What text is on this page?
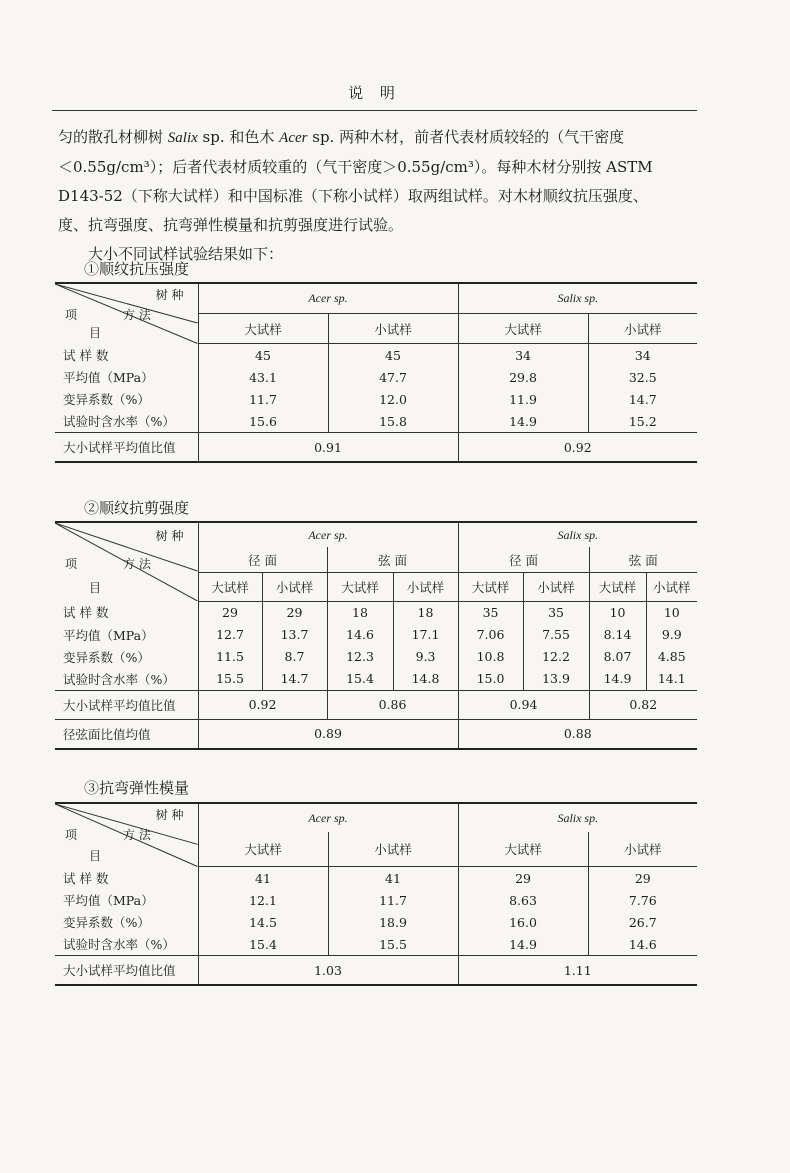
说 明
匀的散孔材柳树 Salix sp. 和色木 Acer sp. 两种木材，前者代表材质较轻的（气干密度
＜0.55g/cm³）；后者代表材质较重的（气干密度＞0.55g/cm³）。每种木材分别按 ASTM
D143-52（下称大试样）和中国标准（下称小试样）取两组试样。对木材顺纹抗压强度、
度、抗弯强度、抗弯弹性模量和抗剪强度进行试验。
大小不同试样试验结果如下：
①顺纹抗压强度
树 种
方 法
项
目	Acer sp.		Salix sp.	
	大试样	小试样	大试样	小试样
试 样 数	45	45	34	34
平均值（MPa）	43.1	47.7	29.8	32.5
变异系数（%）	11.7	12.0	11.9	14.7
试验时含水率（%）	15.6	15.8	14.9	15.2
大小试样平均值比值	0.91		0.92	
②顺纹抗剪强度
树 种
方 法
项
目	Acer sp.				Salix sp.			
	径 面		弦 面		径 面		弦 面	
	大试样	小试样	大试样	小试样	大试样	小试样	大试样	小试样
试 样 数	29	29	18	18	35	35	10	10
平均值（MPa）	12.7	13.7	14.6	17.1	7.06	7.55	8.14	9.9
变异系数（%）	11.5	8.7	12.3	9.3	10.8	12.2	8.07	4.85
试验时含水率（%）	15.5	14.7	15.4	14.8	15.0	13.9	14.9	14.1
大小试样平均值比值	0.92		0.86		0.94		0.82	
径弦面比值均值	0.89				0.88			
③抗弯弹性模量
树 种
方 法
项
目	Acer sp.		Salix sp.	
	大试样	小试样	大试样	小试样
试 样 数	41	41	29	29
平均值（MPa）	12.1	11.7	8.63	7.76
变异系数（%）	14.5	18.9	16.0	26.7
试验时含水率（%）	15.4	15.5	14.9	14.6
大小试样平均值比值	1.03		1.11	
